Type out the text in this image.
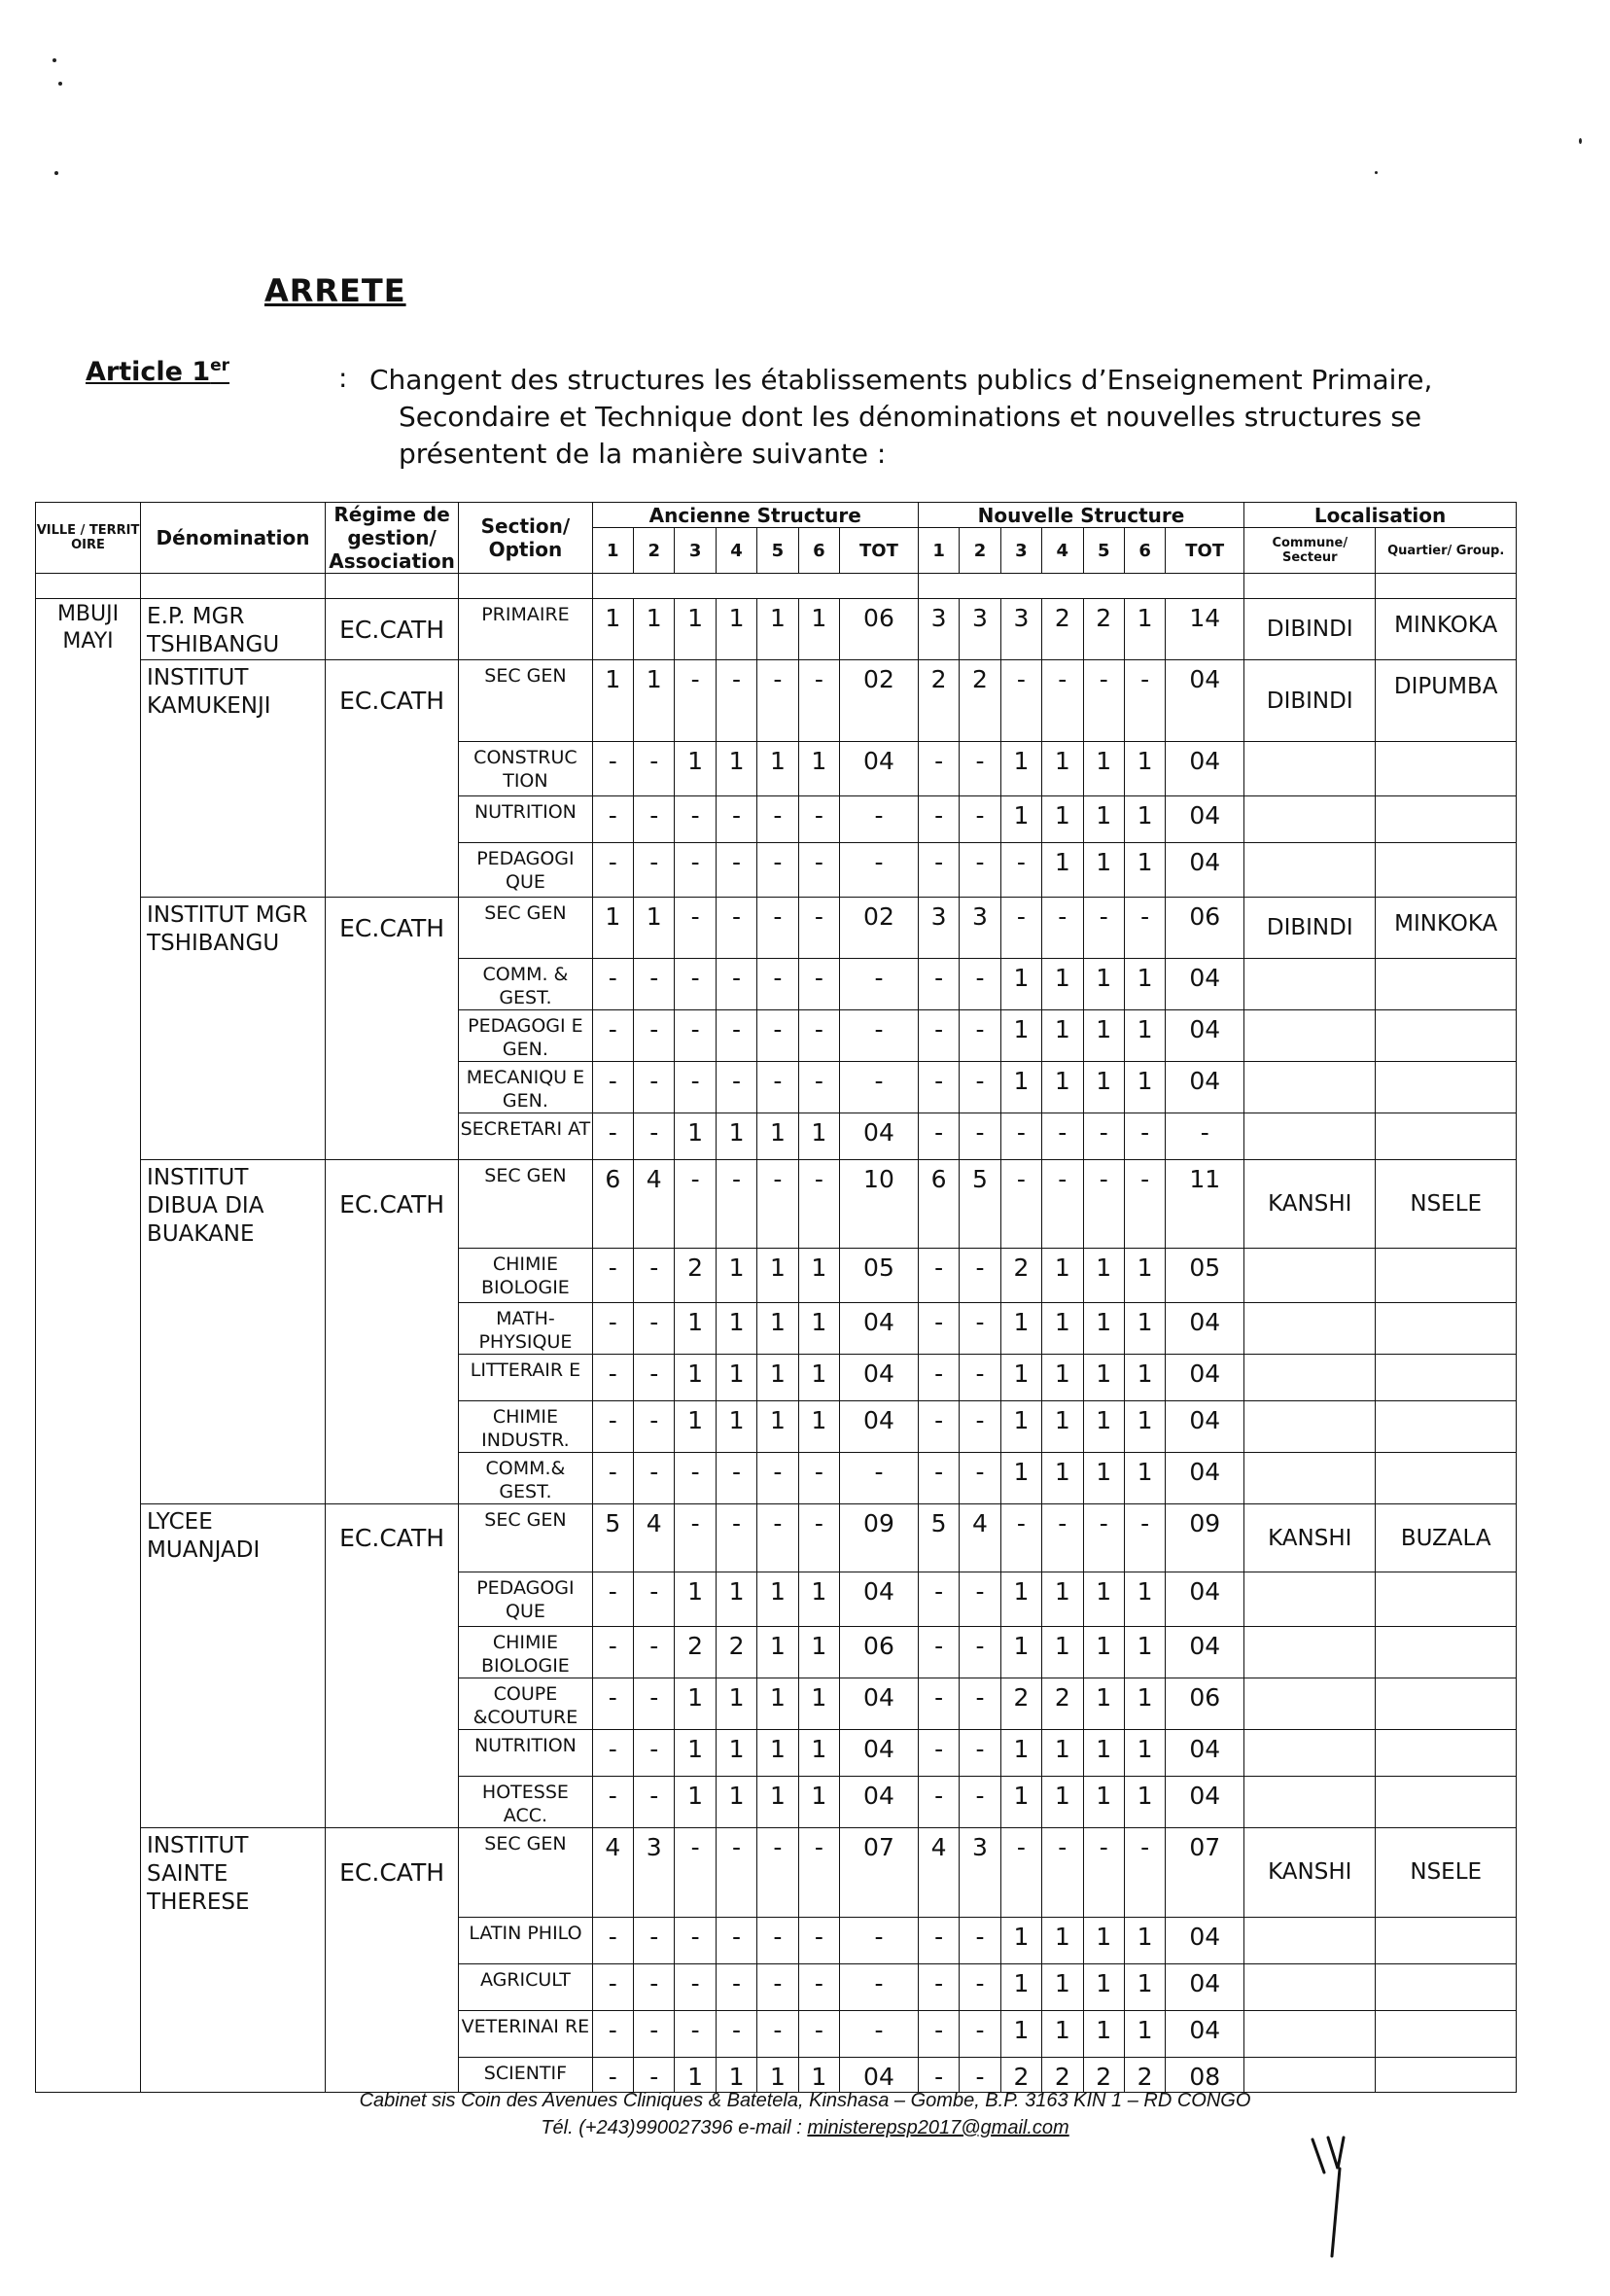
ARRETE
Article 1er	: Changent des structures les établissements publics d’Enseignement Primaire,
Secondaire et Technique dont les dénominations et nouvelles structures se
présentent de la manière suivante :
VILLE / TERRIT OIRE	Dénomination	Régime de gestion/ Association	Section/ Option	Ancienne Structure							Nouvelle Structure							Localisation	
				1	2	3	4	5	6	TOT	1	2	3	4	5	6	TOT	Commune/ Secteur	Quartier/ Group.

MBUJI MAYI	E.P. MGR TSHIBANGU	EC.CATH	PRIMAIRE	1	1	1	1	1	1	06	3	3	3	2	2	1	14	DIBINDI	MINKOKA
	INSTITUT KAMUKENJI	EC.CATH	SEC GEN	1	1	-	-	-	-	02	2	2	-	-	-	-	04	DIBINDI	DIPUMBA
			CONSTRUC TION	-	-	1	1	1	1	04	-	-	1	1	1	1	04		
			NUTRITION	-	-	-	-	-	-	-	-	-	1	1	1	1	04		
			PEDAGOGI QUE	-	-	-	-	-	-	-	-	-	-	1	1	1	04		
	INSTITUT MGR TSHIBANGU	EC.CATH	SEC GEN	1	1	-	-	-	-	02	3	3	-	-	-	-	06	DIBINDI	MINKOKA
			COMM. & GEST.	-	-	-	-	-	-	-	-	-	1	1	1	1	04		
			PEDAGOGI E GEN.	-	-	-	-	-	-	-	-	-	1	1	1	1	04		
			MECANIQU E GEN.	-	-	-	-	-	-	-	-	-	1	1	1	1	04		
			SECRETARI AT	-	-	1	1	1	1	04	-	-	-	-	-	-	-		
	INSTITUT DIBUA DIA BUAKANE	EC.CATH	SEC GEN	6	4	-	-	-	-	10	6	5	-	-	-	-	11	KANSHI	NSELE
			CHIMIE BIOLOGIE	-	-	2	1	1	1	05	-	-	2	1	1	1	05		
			MATH- PHYSIQUE	-	-	1	1	1	1	04	-	-	1	1	1	1	04		
			LITTERAIR E	-	-	1	1	1	1	04	-	-	1	1	1	1	04		
			CHIMIE INDUSTR.	-	-	1	1	1	1	04	-	-	1	1	1	1	04		
			COMM.& GEST.	-	-	-	-	-	-	-	-	-	1	1	1	1	04		
	LYCEE MUANJADI	EC.CATH	SEC GEN	5	4	-	-	-	-	09	5	4	-	-	-	-	09	KANSHI	BUZALA
			PEDAGOGI QUE	-	-	1	1	1	1	04	-	-	1	1	1	1	04		
			CHIMIE BIOLOGIE	-	-	2	2	1	1	06	-	-	1	1	1	1	04		
			COUPE &COUTURE	-	-	1	1	1	1	04	-	-	2	2	1	1	06		
			NUTRITION	-	-	1	1	1	1	04	-	-	1	1	1	1	04		
			HOTESSE ACC.	-	-	1	1	1	1	04	-	-	1	1	1	1	04		
	INSTITUT SAINTE THERESE	EC.CATH	SEC GEN	4	3	-	-	-	-	07	4	3	-	-	-	-	07	KANSHI	NSELE
			LATIN PHILO	-	-	-	-	-	-	-	-	-	1	1	1	1	04		
			AGRICULT	-	-	-	-	-	-	-	-	-	1	1	1	1	04		
			VETERINAI RE	-	-	-	-	-	-	-	-	-	1	1	1	1	04		
			SCIENTIF	-	-	1	1	1	1	04	-	-	2	2	2	2	08		
Cabinet sis Coin des Avenues Cliniques & Batetela, Kinshasa – Gombe, B.P. 3163 KIN 1 – RD CONGO
Tél. (+243)990027396 e-mail : ministerepsp2017@gmail.com
